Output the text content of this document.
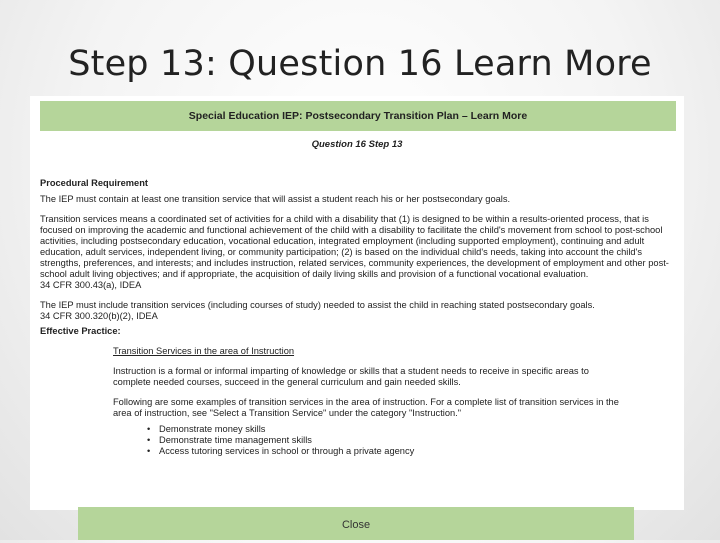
Step 13: Question 16 Learn More
Special Education IEP: Postsecondary Transition Plan – Learn More
Question 16 Step 13

Procedural Requirement

The IEP must contain at least one transition service that will assist a student reach his or her postsecondary goals.

Transition services means a coordinated set of activities for a child with a disability that (1) is designed to be within a results-oriented process, that is focused on improving the academic and functional achievement of the child with a disability to facilitate the child's movement from school to post-school activities, including postsecondary education, vocational education, integrated employment (including supported employment), continuing and adult education, adult services, independent living, or community participation; (2) is based on the individual child's needs, taking into account the child's strengths, preferences, and interests; and includes instruction, related services, community experiences, the development of employment and other post-school adult living objectives; and if appropriate, the acquisition of daily living skills and provision of a functional vocational evaluation.

34 CFR 300.43(a), IDEA

The IEP must include transition services (including courses of study) needed to assist the child in reaching stated postsecondary goals.

34 CFR 300.320(b)(2), IDEA

Effective Practice:

Transition Services in the area of Instruction

Instruction is a formal or informal imparting of knowledge or skills that a student needs to receive in specific areas to complete needed courses, succeed in the general curriculum and gain needed skills.

Following are some examples of transition services in the area of instruction. For a complete list of transition services in the area of instruction, see "Select a Transition Service" under the category "Instruction."

• Demonstrate money skills
• Demonstrate time management skills
• Access tutoring services in school or through a private agency
Close
